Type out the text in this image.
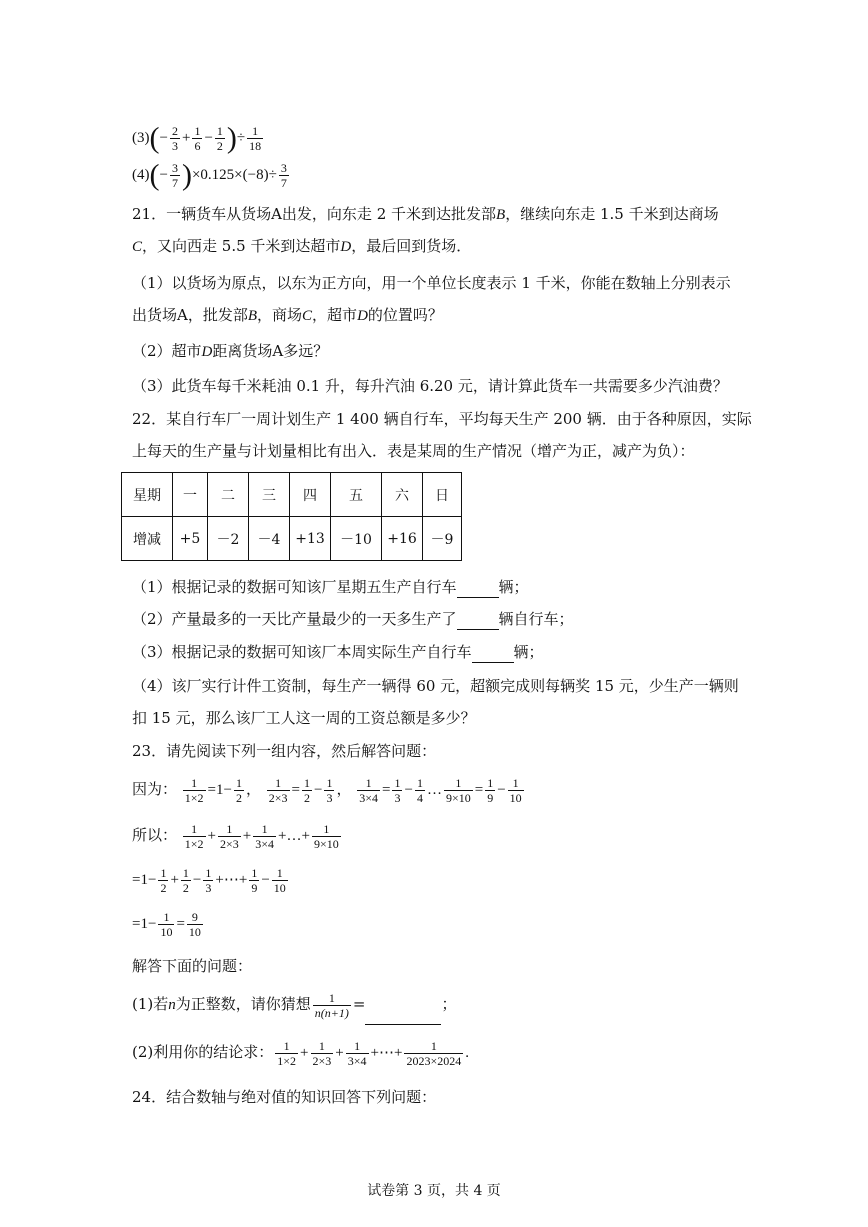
$(3)(- \frac{2}{3} + \frac{1}{6} - \frac{1}{2}$ )÷ $\frac{1}{18}$
$(4)(- \frac{3}{7} )\times 0.125\times(-8)\div \frac{3}{7}$
21．一辆货车从货场A出发，向东走 2 千米到达批发部B，继续向东走 1.5 千米到达商场
C，又向西走 5.5 千米到达超市D，最后回到货场．
（1）以货场为原点，以东为正方向，用一个单位长度表示 1 千米，你能在数轴上分别表示
出货场A，批发部B，商场C，超市D的位置吗？
（2）超市D距离货场A多远？
（3）此货车每千米耗油 0.1 升，每升汽油 6.20 元，请计算此货车一共需要多少汽油费？
22．某自行车厂一周计划生产 1 400 辆自行车，平均每天生产 200 辆．由于各种原因，实际
上每天的生产量与计划量相比有出入．表是某周的生产情况（增产为正，减产为负）：
星期	一	二	三	四	五	六	日
增减	+5	－2	－4	+13	－10	+16	－9
（1）根据记录的数据可知该厂星期五生产自行车	辆；
（2）产量最多的一天比产量最少的一天多生产了	辆自行车；
（3）根据记录的数据可知该厂本周实际生产自行车	辆；
（4）该厂实行计件工资制，每生产一辆得 60 元，超额完成则每辆奖 15 元，少生产一辆则
扣 15 元，那么该厂工人这一周的工资总额是多少？
23．请先阅读下列一组内容，然后解答问题：
因为： $\frac{1}{1\times 2} =1- \frac{1}{2}$ ， $\frac{1}{2\times 3} = \frac{1}{2} - \frac{1}{3}$ ， $\frac{1}{3\times 4} = \frac{1}{3} - \frac{1}{4}$ … $\frac{1}{9\times 10} = \frac{1}{9} - \frac{1}{10}$
所以： $\frac{1}{1\times 2} + \frac{1}{2\times 3} + \frac{1}{3\times 4}$ +…+ $\frac{1}{9\times 10}$
$=1- \frac{1}{2} + \frac{1}{2} - \frac{1}{3}$ +⋯+ $\frac{1}{9} - \frac{1}{10}$
$=1- \frac{1}{10} = \frac{9}{10}$
解答下面的问题：
(1)若n为正整数，请你猜想 $\frac{1}{n(n+1)}$ =	；
(2)利用你的结论求： $\frac{1}{1\times 2} + \frac{1}{2\times 3} + \frac{1}{3\times 4}$ +⋯+ $\frac{1}{2023\times 2024}$ .
24．结合数轴与绝对值的知识回答下列问题：
试卷第 3 页，共 4 页
